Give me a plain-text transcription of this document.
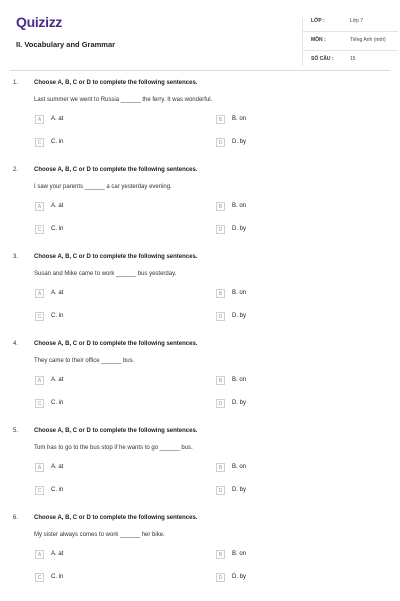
Quizizz
II. Vocabulary and Grammar
LỚP :	Lớp 7
MÔN :	Tiếng Anh (mới)
SỐ CÂU :	15
1.	Choose A, B, C or D to complete the following sentences.
Last summer we went to Russia ______ the ferry. It was wonderful.
A	A. at	B	B. on
C	C. in	D	D. by
2.	Choose A, B, C or D to complete the following sentences.
I saw your parents ______ a car yesterday evening.
A	A. at	B	B. on
C	C. in	D	D. by
3.	Choose A, B, C or D to complete the following sentences.
Susan and Mike came to work ______ bus yesterday.
A	A. at	B	B. on
C	C. in	D	D. by
4.	Choose A, B, C or D to complete the following sentences.
They came to their office ______ bus.
A	A. at	B	B. on
C	C. in	D	D. by
5.	Choose A, B, C or D to complete the following sentences.
Tom has to go to the bus stop if he wants to go ______ bus.
A	A. at	B	B. on
C	C. in	D	D. by
6.	Choose A, B, C or D to complete the following sentences.
My sister always comes to work ______ her bike.
A	A. at	B	B. on
C	C. in	D	D. by
